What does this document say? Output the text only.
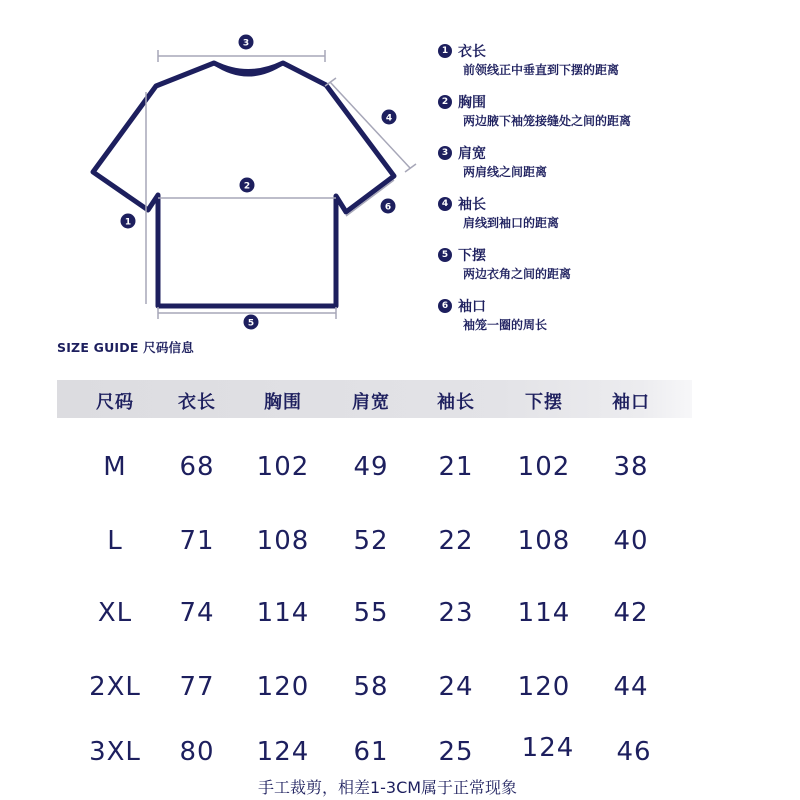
3
1
2
5
4
6
1 衣长
前领线正中垂直到下摆的距离
2 胸围
两边腋下袖笼接缝处之间的距离
3 肩宽
两肩线之间距离
4 袖长
肩线到袖口的距离
5 下摆
两边衣角之间的距离
6 袖口
袖笼一圈的周长
SIZE GUIDE 尺码信息
尺码 衣长	胸围	肩宽	袖长	下摆	袖口
M 68 102 49 21 102 38
L 71 108 52 22 108 40
XL 74 114 55 23 114 42
2XL 77 120 58 24 120 44
3XL 80 124 61 25 124 46
手工裁剪，相差1-3CM属于正常现象
